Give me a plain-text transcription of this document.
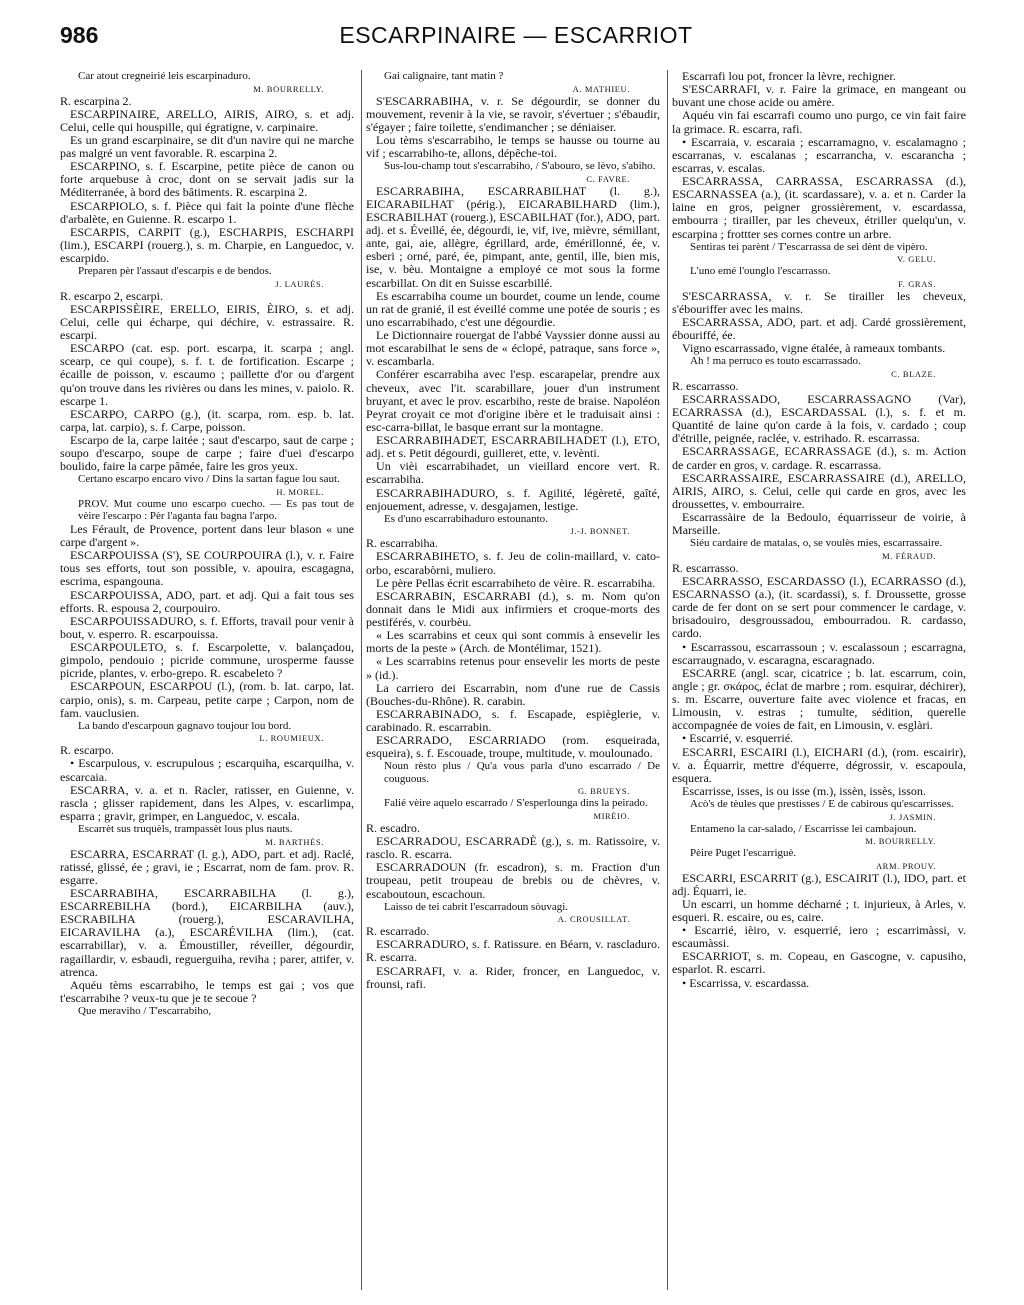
986	ESCARPINAIRE — ESCARRIOT

Car atout cregneirié leis escarpinaduro.

M. BOURRELLY.

R. escarpina 2.

ESCARPINAIRE, ARELLO, AIRIS, AIRO, s. et adj. Celui, celle qui houspille, qui égratigne, v. carpinaire.

Es un grand escarpinaire, se dit d'un navire qui ne marche pas malgré un vent favorable. R. escarpina 2.

ESCARPINO, s. f. Escarpine, petite pièce de canon ou forte arquebuse à croc, dont on se servait jadis sur la Méditerranée, à bord des bâtiments. R. escarpina 2.

ESCARPIOLO, s. f. Pièce qui fait la pointe d'une flèche d'arbalète, en Guienne. R. escarpo 1.

ESCARPIS, CARPIT (g.), ESCHARPIS, ESCHARPI (lim.), ESCARPI (rouerg.), s. m. Charpie, en Languedoc, v. escarpido.

Preparen pèr l'assaut d'escarpis e de bendos.

J. LAURÈS.

R. escarpo 2, escarpi.

ESCARPISSÈIRE, ERELLO, EIRIS, ÈIRO, s. et adj. Celui, celle qui écharpe, qui déchire, v. estrassaire. R. escarpi.

ESCARPO (cat. esp. port. escarpa, it. scarpa ; angl. scearp, ce qui coupe), s. f. t. de fortification. Escarpe ; écaille de poisson, v. escaumo ; paillette d'or ou d'argent qu'on trouve dans les rivières ou dans les mines, v. paiolo. R. escarpe 1.

ESCARPO, CARPO (g.), (it. scarpa, rom. esp. b. lat. carpa, lat. carpio), s. f. Carpe, poisson.

Escarpo de la, carpe laitée ; saut d'escarpo, saut de carpe ; soupo d'escarpo, soupe de carpe ; faire d'uei d'escarpo boulido, faire la carpe pâmée, faire les gros yeux.

Certano escarpo encaro vivo / Dins la sartan fague lou saut.

H. MOREL.

PROV. Mut coume uno escarpo cuecho. — Es pas tout de vèire l'escarpo : Pèr l'aganta fau bagna l'arpo.

Les Férault, de Provence, portent dans leur blason « une carpe d'argent ».

ESCARPOUISSA (S'), SE COURPOUIRA (l.), v. r. Faire tous ses efforts, tout son possible, v. apouira, escagagna, escrima, espangouna.

ESCARPOUISSA, ADO, part. et adj. Qui a fait tous ses efforts. R. espousa 2, courpouiro.

ESCARPOUISSADURO, s. f. Efforts, travail pour venir à bout, v. esperro. R. escarpouissa.

ESCARPOULETO, s. f. Escarpolette, v. balançadou, gimpolo, pendouio ; picride commune, urosperme fausse picride, plantes, v. erbo-grepo. R. escabeleto ?

ESCARPOUN, ESCARPOU (l.), (rom. b. lat. carpo, lat. carpio, onis), s. m. Carpeau, petite carpe ; Carpon, nom de fam. vauclusien.

La bando d'escarpoun gagnavo toujour lou bord.

L. ROUMIEUX.

R. escarpo.

• Escarpulous, v. escrupulous ; escarquiha, escarquilha, v. escarcaia.

ESCARRA, v. a. et n. Racler, ratisser, en Guienne, v. rascla ; glisser rapidement, dans les Alpes, v. escarlimpa, esparra ; gravir, grimper, en Languedoc, v. escala.

Escarrèt sus truquèls, trampassèt lous plus nauts.

M. BARTHÉS.

ESCARRA, ESCARRAT (l. g.), ADO, part. et adj. Raclé, ratissé, glissé, ée ; gravi, ie ; Escarrat, nom de fam. prov. R. esgarre.

ESCARRABIHA, ESCARRABILHA (l. g.), ESCARREBILHA (bord.), EICARBILHA (auv.), ESCRABILHA (rouerg.), ESCARAVILHA, EICARAVILHA (a.), ESCARÉVILHA (lim.), (cat. escarrabillar), v. a. Émoustiller, réveiller, dégourdir, ragaillardir, v. esbaudi, reguerguiha, reviha ; parer, attifer, v. atrenca.

Aquéu tèms escarrabiho, le temps est gai ; vos que t'escarrabihe ? veux-tu que je te secoue ?

Que meraviho / T'escarrabiho,

Gai calignaire, tant matin ?

A. MATHIEU.

S'ESCARRABIHA, v. r. Se dégourdir, se donner du mouvement, revenir à la vie, se ravoir, s'évertuer ; s'ébaudir, s'égayer ; faire toilette, s'endimancher ; se déniaiser.

Lou tèms s'escarrabiho, le temps se hausse ou tourne au vif ; escarrabiho-te, allons, dépêche-toi.

Sus-lou-champ tout s'escarrabiho, / S'abouro, se lèvo, s'abiho.

C. FAVRE.

ESCARRABIHA, ESCARRABILHAT (l. g.), EICARABILHAT (périg.), EICARABILHARD (lim.), ESCRABILHAT (rouerg.), ESCABILHAT (for.), ADO, part. adj. et s. Éveillé, ée, dégourdi, ie, vif, ive, mièvre, sémillant, ante, gai, aie, allègre, égrillard, arde, émérillonné, ée, v. esberi ; orné, paré, ée, pimpant, ante, gentil, ille, bien mis, ise, v. bèu. Montaigne a employé ce mot sous la forme escarbillat. On dit en Suisse escarbillé.

Es escarrabiha coume un bourdet, coume un lende, coume un rat de granié, il est éveillé comme une potée de souris ; es uno escarrabihado, c'est une dégourdie.

Le Dictionnaire rouergat de l'abbé Vayssier donne aussi au mot escarabilhat le sens de « éclopé, patraque, sans force », v. escambarla.

Conférer escarrabiha avec l'esp. escarapelar, prendre aux cheveux, avec l'it. scarabillare, jouer d'un instrument bruyant, et avec le prov. escarbiho, reste de braise. Napoléon Peyrat croyait ce mot d'origine ibère et le traduisait ainsi : esc-carra-billat, le basque errant sur la montagne.

ESCARRABIHADET, ESCARRABILHADET (l.), ETO, adj. et s. Petit dégourdi, guilleret, ette, v. levènti.

Un vièi escarrabihadet, un vieillard encore vert. R. escarrabiha.

ESCARRABIHADURO, s. f. Agilité, légèreté, gaîté, enjouement, adresse, v. desgajamen, lestige.

Es d'uno escarrabihaduro estounanto.

J.-J. BONNET.

R. escarrabiha.

ESCARRABIHETO, s. f. Jeu de colin-maillard, v. cato-orbo, escarabòrni, muliero.

Le père Pellas écrit escarrabiheto de vèire. R. escarrabiha.

ESCARRABIN, ESCARRABI (d.), s. m. Nom qu'on donnait dans le Midi aux infirmiers et croque-morts des pestiférés, v. courbèu.

« Les scarrabins et ceux qui sont commis à ensevelir les morts de la peste » (Arch. de Montélimar, 1521).

« Les scarrabins retenus pour ensevelir les morts de peste » (id.).

La carriero dei Escarrabin, nom d'une rue de Cassis (Bouches-du-Rhône). R. carabin.

ESCARRABINADO, s. f. Escapade, espièglerie, v. carabinado. R. escarrabin.

ESCARRADO, ESCARRIADO (rom. esqueirada, esqueira), s. f. Escouade, troupe, multitude, v. moulounado.

Noun rèsto plus / Qu'a vous parla d'uno escarrado / De couguous.

G. BRUEYS.

Falié vèire aquelo escarrado / S'esperlounga dins la peirado.

MIRÈIO.

R. escadro.

ESCARRADOU, ESCARRADÈ (g.), s. m. Ratissoire, v. rasclo. R. escarra.

ESCARRADOUN (fr. escadron), s. m. Fraction d'un troupeau, petit troupeau de brebis ou de chèvres, v. escaboutoun, escachoun.

Laisso de tei cabrit l'escarradoun sòuvagi.

A. CROUSILLAT.

R. escarrado.

ESCARRADURO, s. f. Ratissure. en Béarn, v. rascladuro. R. escarra.

ESCARRAFI, v. a. Rider, froncer, en Languedoc, v. frounsi, rafi.

Escarrafi lou pot, froncer la lèvre, rechigner.

S'ESCARRAFI, v. r. Faire la grimace, en mangeant ou buvant une chose acide ou amère.

Aquéu vin fai escarrafi coumo uno purgo, ce vin fait faire la grimace. R. escarra, rafi.

• Escarraia, v. escaraia ; escarramagno, v. escalamagno ; escarranas, v. escalanas ; escarrancha, v. escarancha ; escarras, v. escalas.

ESCARRASSA, CARRASSA, ESCARRASSA (d.), ESCARNASSEA (a.), (it. scardassare), v. a. et n. Carder la laine en gros, peigner grossièrement, v. escardassa, embourra ; tirailler, par les cheveux, étriller quelqu'un, v. escarpina ; frottter ses cornes contre un arbre.

Sentiras tei parènt / T'escarrassa de sei dènt de vipèro.

V. GELU.

L'uno emé l'ounglo l'escarrasso.

F. GRAS.

S'ESCARRASSA, v. r. Se tirailler les cheveux, s'ébouriffer avec les mains.

ESCARRASSA, ADO, part. et adj. Cardé grossièrement, ébouriffé, ée.

Vigno escarrassado, vigne étalée, à rameaux tombants.

Ah ! ma perruco es touto escarrassado.

C. BLAZE.

R. escarrasso.

ESCARRASSADO, ESCARRASSAGNO (Var), ECARRASSA (d.), ESCARDASSAL (l.), s. f. et m. Quantité de laine qu'on carde à la fois, v. cardado ; coup d'étrille, peignée, raclée, v. estrihado. R. escarrassa.

ESCARRASSAGE, ECARRASSAGE (d.), s. m. Action de carder en gros, v. cardage. R. escarrassa.

ESCARRASSAIRE, ESCARRASSAIRE (d.), ARELLO, AIRIS, AIRO, s. Celui, celle qui carde en gros, avec les droussettes, v. embourraire.

Escarrassàire de la Bedoulo, équarrisseur de voirie, à Marseille.

Siéu cardaire de matalas, o, se voulès mies, escarrassaire.

M. FÉRAUD.

R. escarrasso.

ESCARRASSO, ESCARDASSO (l.), ECARRASSO (d.), ESCARNASSO (a.), (it. scardassi), s. f. Droussette, grosse carde de fer dont on se sert pour commencer le cardage, v. brisadouiro, desgroussadou, embourradou. R. cardasso, cardo.

• Escarrassou, escarrassoun ; v. escalassoun ; escarragna, escarraugnado, v. escaragna, escaragnado.

ESCARRE (angl. scar, cicatrice ; b. lat. escarrum, coin, angle ; gr. σκάρος, éclat de marbre ; rom. esquirar, déchirer), s. m. Escarre, ouverture faite avec violence et fracas, en Limousin, v. estras ; tumulte, sédition, querelle accompagnée de voies de fait, en Limousin, v. esglàri.

• Escarrié, v. esquerrié.

ESCARRI, ESCAIRI (l.), EICHARI (d.), (rom. escairir), v. a. Équarrir, mettre d'équerre, dégrossir, v. escapoula, esquera.

Escarrisse, isses, is ou isse (m.), issèn, issès, isson.

Acò's de tèules que prestisses / E de cabirous qu'escarrisses.

J. JASMIN.

Entameno la car-salado, / Escarrisse lei cambajoun.

M. BOURRELLY.

Pèire Puget l'escarriguè.

ARM. PROUV.

ESCARRI, ESCARRIT (g.), ESCAIRIT (l.), IDO, part. et adj. Équarri, ie.

Un escarri, un homme décharné ; t. injurieux, à Arles, v. esqueri. R. escaire, ou es, caire.

• Escarrié, ièiro, v. esquerrié, iero ; escarrimàssi, v. escaumàssi.

ESCARRIOT, s. m. Copeau, en Gascogne, v. capusiho, esparlot. R. escarri.

• Escarrissa, v. escardassa.
